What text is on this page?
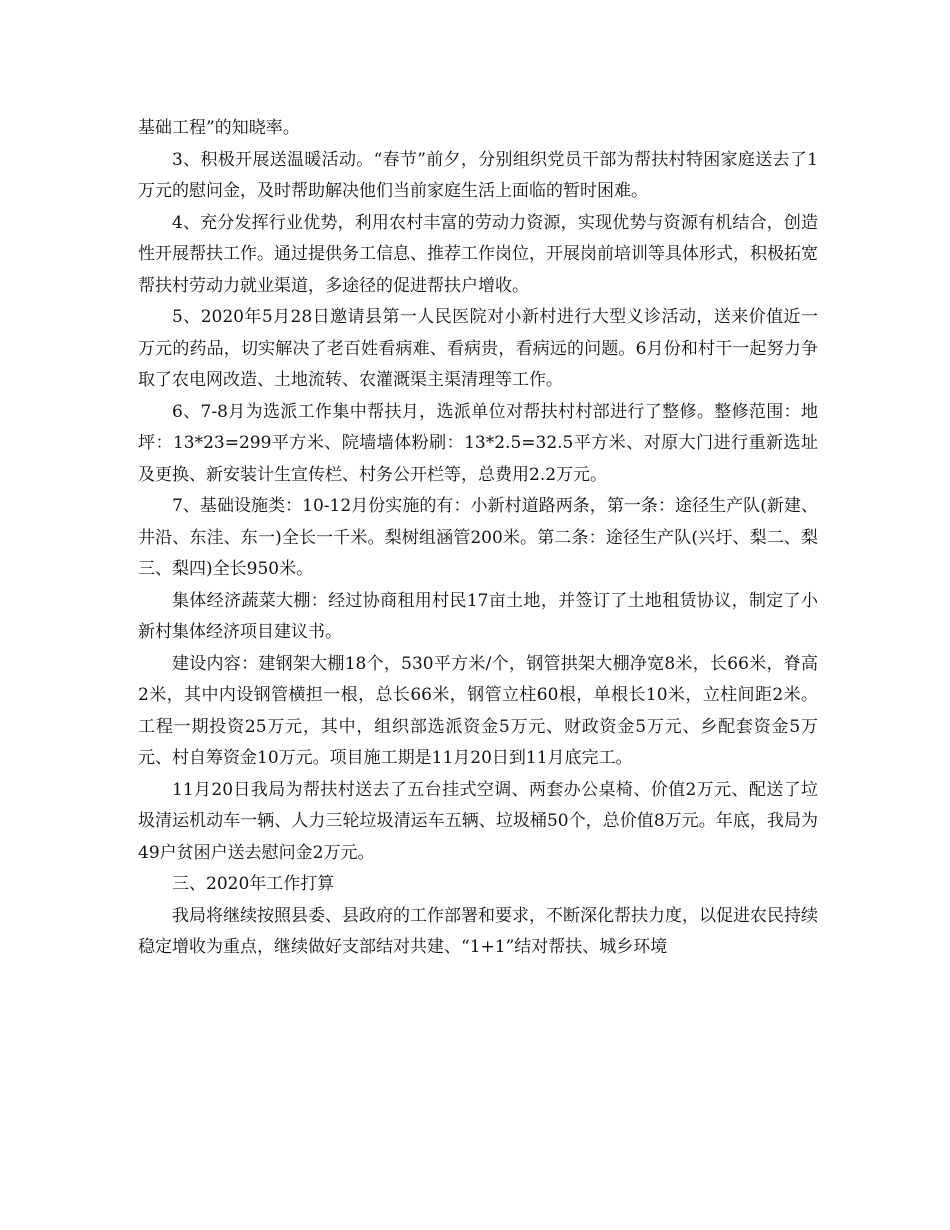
基础工程”的知晓率。

3、积极开展送温暖活动。“春节”前夕，分别组织党员干部为帮扶村特困家庭送去了1万元的慰问金，及时帮助解决他们当前家庭生活上面临的暂时困难。

4、充分发挥行业优势，利用农村丰富的劳动力资源，实现优势与资源有机结合，创造性开展帮扶工作。通过提供务工信息、推荐工作岗位，开展岗前培训等具体形式，积极拓宽帮扶村劳动力就业渠道，多途径的促进帮扶户增收。

5、2020年5月28日邀请县第一人民医院对小新村进行大型义诊活动，送来价值近一万元的药品，切实解决了老百姓看病难、看病贵，看病远的问题。6月份和村干一起努力争取了农电网改造、土地流转、农灌溉渠主渠清理等工作。

6、7-8月为选派工作集中帮扶月，选派单位对帮扶村村部进行了整修。整修范围：地坪：13*23=299平方米、院墙墙体粉刷：13*2.5=32.5平方米、对原大门进行重新选址及更换、新安装计生宣传栏、村务公开栏等，总费用2.2万元。

7、基础设施类：10-12月份实施的有：小新村道路两条，第一条：途径生产队(新建、井沿、东洼、东一)全长一千米。梨树组涵管200米。第二条：途径生产队(兴圩、梨二、梨三、梨四)全长950米。

集体经济蔬菜大棚：经过协商租用村民17亩土地，并签订了土地租赁协议，制定了小新村集体经济项目建议书。

建设内容：建钢架大棚18个，530平方米/个，钢管拱架大棚净宽8米，长66米，脊高2米，其中内设钢管横担一根，总长66米，钢管立柱60根，单根长10米，立柱间距2米。工程一期投资25万元，其中，组织部选派资金5万元、财政资金5万元、乡配套资金5万元、村自筹资金10万元。项目施工期是11月20日到11月底完工。

11月20日我局为帮扶村送去了五台挂式空调、两套办公桌椅、价值2万元、配送了垃圾清运机动车一辆、人力三轮垃圾清运车五辆、垃圾桶50个，总价值8万元。年底，我局为49户贫困户送去慰问金2万元。

三、2020年工作打算

我局将继续按照县委、县政府的工作部署和要求，不断深化帮扶力度，以促进农民持续稳定增收为重点，继续做好支部结对共建、“1+1”结对帮扶、城乡环境
